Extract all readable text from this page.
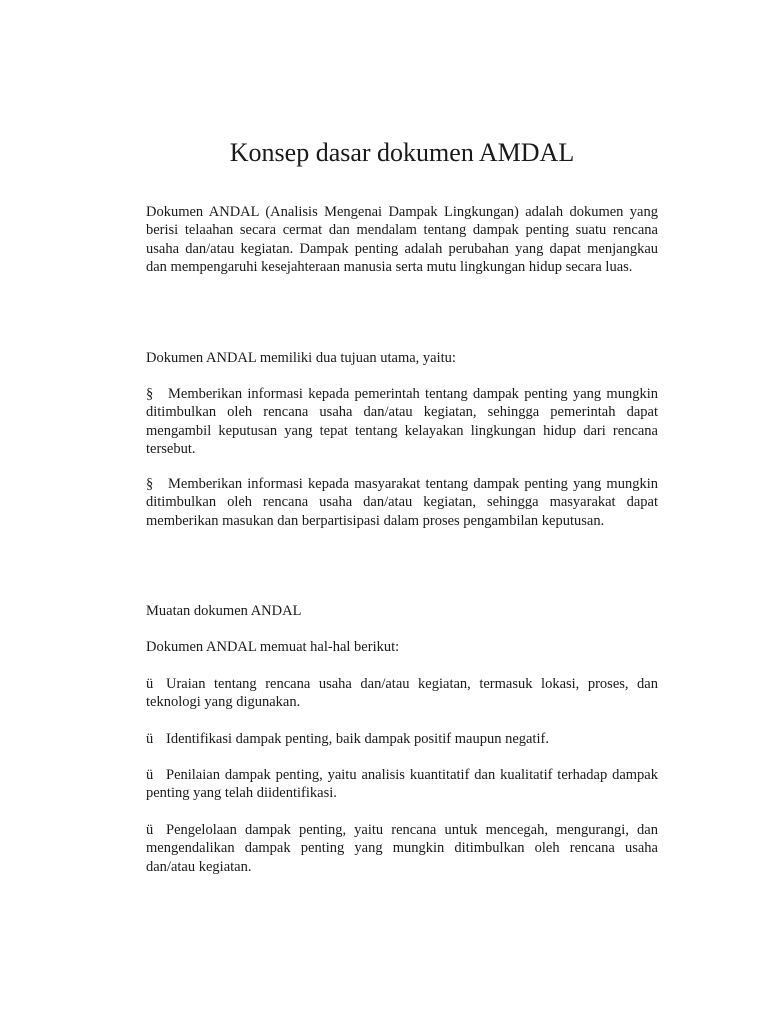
Konsep dasar dokumen AMDAL

Dokumen ANDAL (Analisis Mengenai Dampak Lingkungan) adalah dokumen yang berisi telaahan secara cermat dan mendalam tentang dampak penting suatu rencana usaha dan/atau kegiatan. Dampak penting adalah perubahan yang dapat menjangkau dan mempengaruhi kesejahteraan manusia serta mutu lingkungan hidup secara luas.

Dokumen ANDAL memiliki dua tujuan utama, yaitu:

§ Memberikan informasi kepada pemerintah tentang dampak penting yang mungkin ditimbulkan oleh rencana usaha dan/atau kegiatan, sehingga pemerintah dapat mengambil keputusan yang tepat tentang kelayakan lingkungan hidup dari rencana tersebut.

§ Memberikan informasi kepada masyarakat tentang dampak penting yang mungkin ditimbulkan oleh rencana usaha dan/atau kegiatan, sehingga masyarakat dapat memberikan masukan dan berpartisipasi dalam proses pengambilan keputusan.

Muatan dokumen ANDAL

Dokumen ANDAL memuat hal-hal berikut:

ü Uraian tentang rencana usaha dan/atau kegiatan, termasuk lokasi, proses, dan teknologi yang digunakan.

ü Identifikasi dampak penting, baik dampak positif maupun negatif.

ü Penilaian dampak penting, yaitu analisis kuantitatif dan kualitatif terhadap dampak penting yang telah diidentifikasi.

ü Pengelolaan dampak penting, yaitu rencana untuk mencegah, mengurangi, dan mengendalikan dampak penting yang mungkin ditimbulkan oleh rencana usaha dan/atau kegiatan.
